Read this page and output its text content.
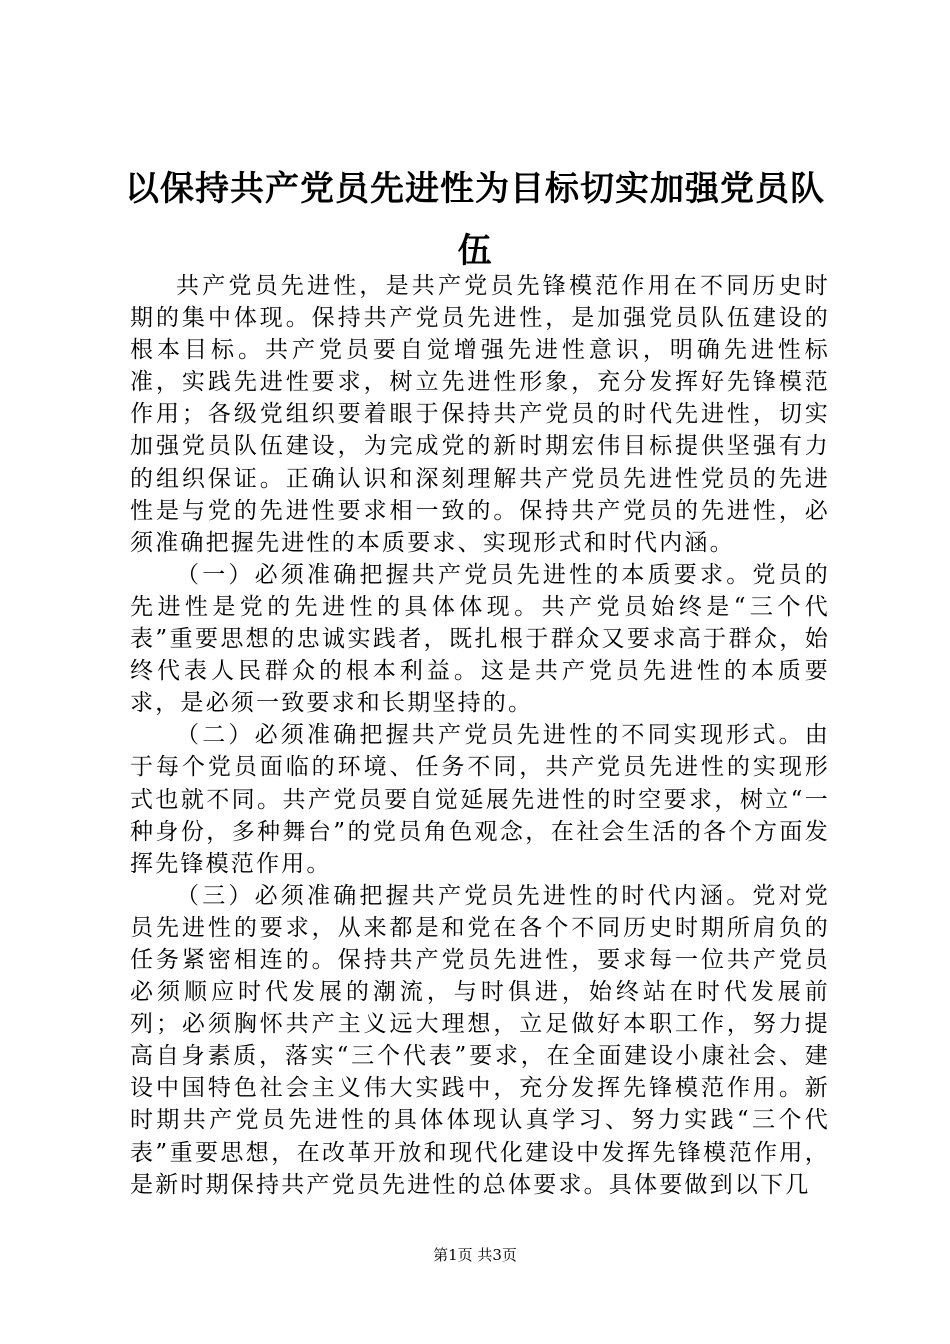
以保持共产党员先进性为目标切实加强党员队伍

共产党员先进性，是共产党员先锋模范作用在不同历史时期的集中体现。保持共产党员先进性，是加强党员队伍建设的根本目标。共产党员要自觉增强先进性意识，明确先进性标准，实践先进性要求，树立先进性形象，充分发挥好先锋模范作用；各级党组织要着眼于保持共产党员的时代先进性，切实加强党员队伍建设，为完成党的新时期宏伟目标提供坚强有力的组织保证。正确认识和深刻理解共产党员先进性党员的先进性是与党的先进性要求相一致的。保持共产党员的先进性，必须准确把握先进性的本质要求、实现形式和时代内涵。

（一）必须准确把握共产党员先进性的本质要求。党员的先进性是党的先进性的具体体现。共产党员始终是“三个代表”重要思想的忠诚实践者，既扎根于群众又要求高于群众，始终代表人民群众的根本利益。这是共产党员先进性的本质要求，是必须一致要求和长期坚持的。

（二）必须准确把握共产党员先进性的不同实现形式。由于每个党员面临的环境、任务不同，共产党员先进性的实现形式也就不同。共产党员要自觉延展先进性的时空要求，树立“一种身份，多种舞台”的党员角色观念，在社会生活的各个方面发挥先锋模范作用。

（三）必须准确把握共产党员先进性的时代内涵。党对党员先进性的要求，从来都是和党在各个不同历史时期所肩负的任务紧密相连的。保持共产党员先进性，要求每一位共产党员必须顺应时代发展的潮流，与时俱进，始终站在时代发展前列；必须胸怀共产主义远大理想，立足做好本职工作，努力提高自身素质，落实“三个代表”要求，在全面建设小康社会、建设中国特色社会主义伟大实践中，充分发挥先锋模范作用。新时期共产党员先进性的具体体现认真学习、努力实践“三个代表”重要思想，在改革开放和现代化建设中发挥先锋模范作用，是新时期保持共产党员先进性的总体要求。具体要做到以下几

第1页 共3页
